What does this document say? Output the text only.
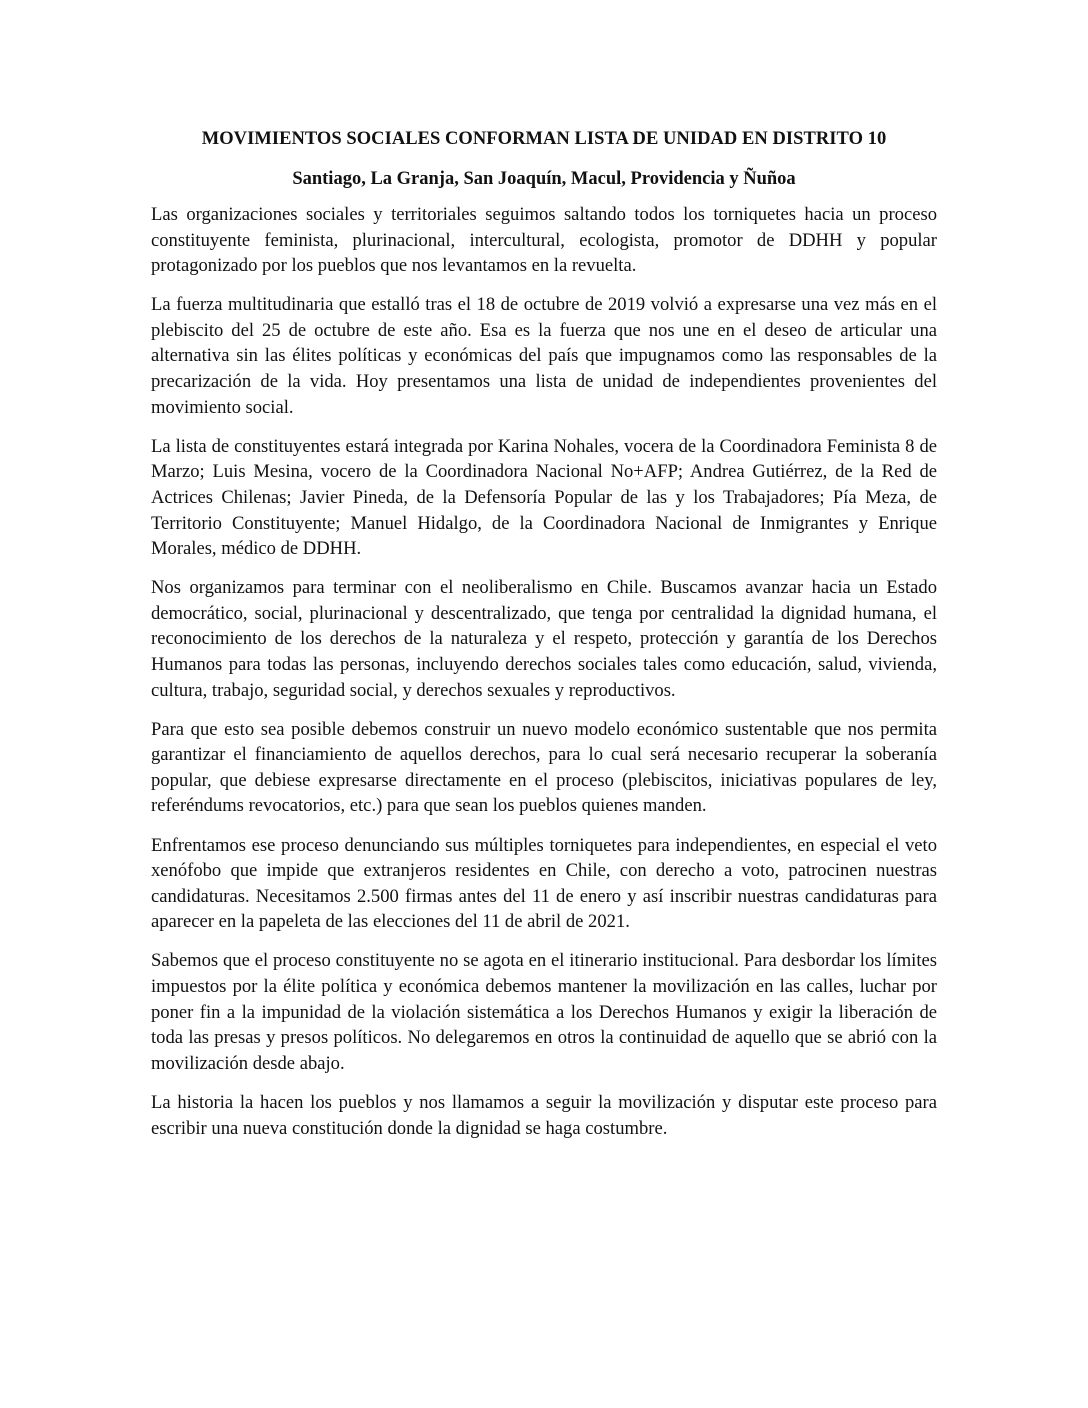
MOVIMIENTOS SOCIALES CONFORMAN LISTA DE UNIDAD EN DISTRITO 10
Santiago, La Granja, San Joaquín, Macul, Providencia y Ñuñoa

Las organizaciones sociales y territoriales seguimos saltando todos los torniquetes hacia un proceso constituyente feminista, plurinacional, intercultural, ecologista, promotor de DDHH y popular protagonizado por los pueblos que nos levantamos en la revuelta.

La fuerza multitudinaria que estalló tras el 18 de octubre de 2019 volvió a expresarse una vez más en el plebiscito del 25 de octubre de este año. Esa es la fuerza que nos une en el deseo de articular una alternativa sin las élites políticas y económicas del país que impugnamos como las responsables de la precarización de la vida. Hoy presentamos una lista de unidad de independientes provenientes del movimiento social.

La lista de constituyentes estará integrada por Karina Nohales, vocera de la Coordinadora Feminista 8 de Marzo; Luis Mesina, vocero de la Coordinadora Nacional No+AFP; Andrea Gutiérrez, de la Red de Actrices Chilenas; Javier Pineda, de la Defensoría Popular de las y los Trabajadores; Pía Meza, de Territorio Constituyente; Manuel Hidalgo, de la Coordinadora Nacional de Inmigrantes y Enrique Morales, médico de DDHH.

Nos organizamos para terminar con el neoliberalismo en Chile. Buscamos avanzar hacia un Estado democrático, social, plurinacional y descentralizado, que tenga por centralidad la dignidad humana, el reconocimiento de los derechos de la naturaleza y el respeto, protección y garantía de los Derechos Humanos para todas las personas, incluyendo derechos sociales tales como educación, salud, vivienda, cultura, trabajo, seguridad social, y derechos sexuales y reproductivos.

Para que esto sea posible debemos construir un nuevo modelo económico sustentable que nos permita garantizar el financiamiento de aquellos derechos, para lo cual será necesario recuperar la soberanía popular, que debiese expresarse directamente en el proceso (plebiscitos, iniciativas populares de ley, referéndums revocatorios, etc.) para que sean los pueblos quienes manden.

Enfrentamos ese proceso denunciando sus múltiples torniquetes para independientes, en especial el veto xenófobo que impide que extranjeros residentes en Chile, con derecho a voto, patrocinen nuestras candidaturas. Necesitamos 2.500 firmas antes del 11 de enero y así inscribir nuestras candidaturas para aparecer en la papeleta de las elecciones del 11 de abril de 2021.

Sabemos que el proceso constituyente no se agota en el itinerario institucional. Para desbordar los límites impuestos por la élite política y económica debemos mantener la movilización en las calles, luchar por poner fin a la impunidad de la violación sistemática a los Derechos Humanos y exigir la liberación de toda las presas y presos políticos. No delegaremos en otros la continuidad de aquello que se abrió con la movilización desde abajo.

La historia la hacen los pueblos y nos llamamos a seguir la movilización y disputar este proceso para escribir una nueva constitución donde la dignidad se haga costumbre.
